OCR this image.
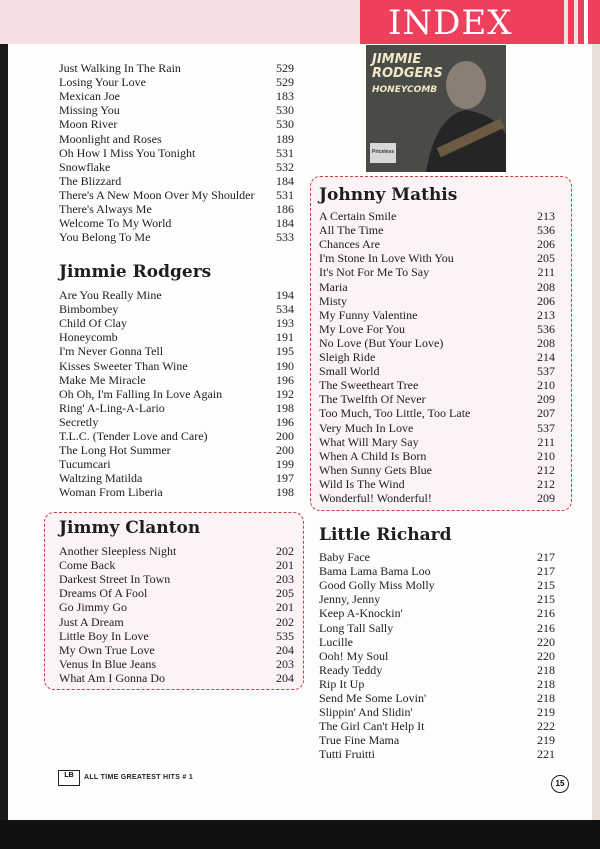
INDEX
JIMMIE
RODGERS
HONEYCOMB
Priceless
Just Walking In The Rain	529
Losing Your Love	529
Mexican Joe	183
Missing You	530
Moon River	530
Moonlight and Roses	189
Oh How I Miss You Tonight	531
Snowflake	532
The Blizzard	184
There's A New Moon Over My Shoulder 531
There's Always Me	186
Welcome To My World	184
You Belong To Me	533
Jimmie Rodgers
Are You Really Mine	194
Bimbombey	534
Child Of Clay	193
Honeycomb	191
I'm Never Gonna Tell	195
Kisses Sweeter Than Wine	190
Make Me Miracle	196
Oh Oh, I'm Falling In Love Again	192
Ring' A-Ling-A-Lario	198
Secretly	196
T.L.C. (Tender Love and Care)	200
The Long Hot Summer	200
Tucumcari	199
Waltzing Matilda	197
Woman From Liberia	198
Jimmy Clanton
Another Sleepless Night	202
Come Back	201
Darkest Street In Town	203
Dreams Of A Fool	205
Go Jimmy Go	201
Just A Dream	202
Little Boy In Love	535
My Own True Love	204
Venus In Blue Jeans	203
What Am I Gonna Do	204
Johnny Mathis
A Certain Smile	213
All The Time	536
Chances Are	206
I'm Stone In Love With You	205
It's Not For Me To Say	211
Maria	208
Misty	206
My Funny Valentine	213
My Love For You	536
No Love (But Your Love)	208
Sleigh Ride	214
Small World	537
The Sweetheart Tree	210
The Twelfth Of Never	209
Too Much, Too Little, Too Late	207
Very Much In Love	537
What Will Mary Say	211
When A Child Is Born	210
When Sunny Gets Blue	212
Wild Is The Wind	212
Wonderful! Wonderful!	209
Little Richard
Baby Face	217
Bama Lama Bama Loo	217
Good Golly Miss Molly	215
Jenny, Jenny	215
Keep A-Knockin'	216
Long Tall Sally	216
Lucille	220
Ooh! My Soul	220
Ready Teddy	218
Rip It Up	218
Send Me Some Lovin'	218
Slippin' And Slidin'	219
The Girl Can't Help It	222
True Fine Mama	219
Tutti Fruitti	221
LB	ALL TIME GREATEST HITS # 1
15
